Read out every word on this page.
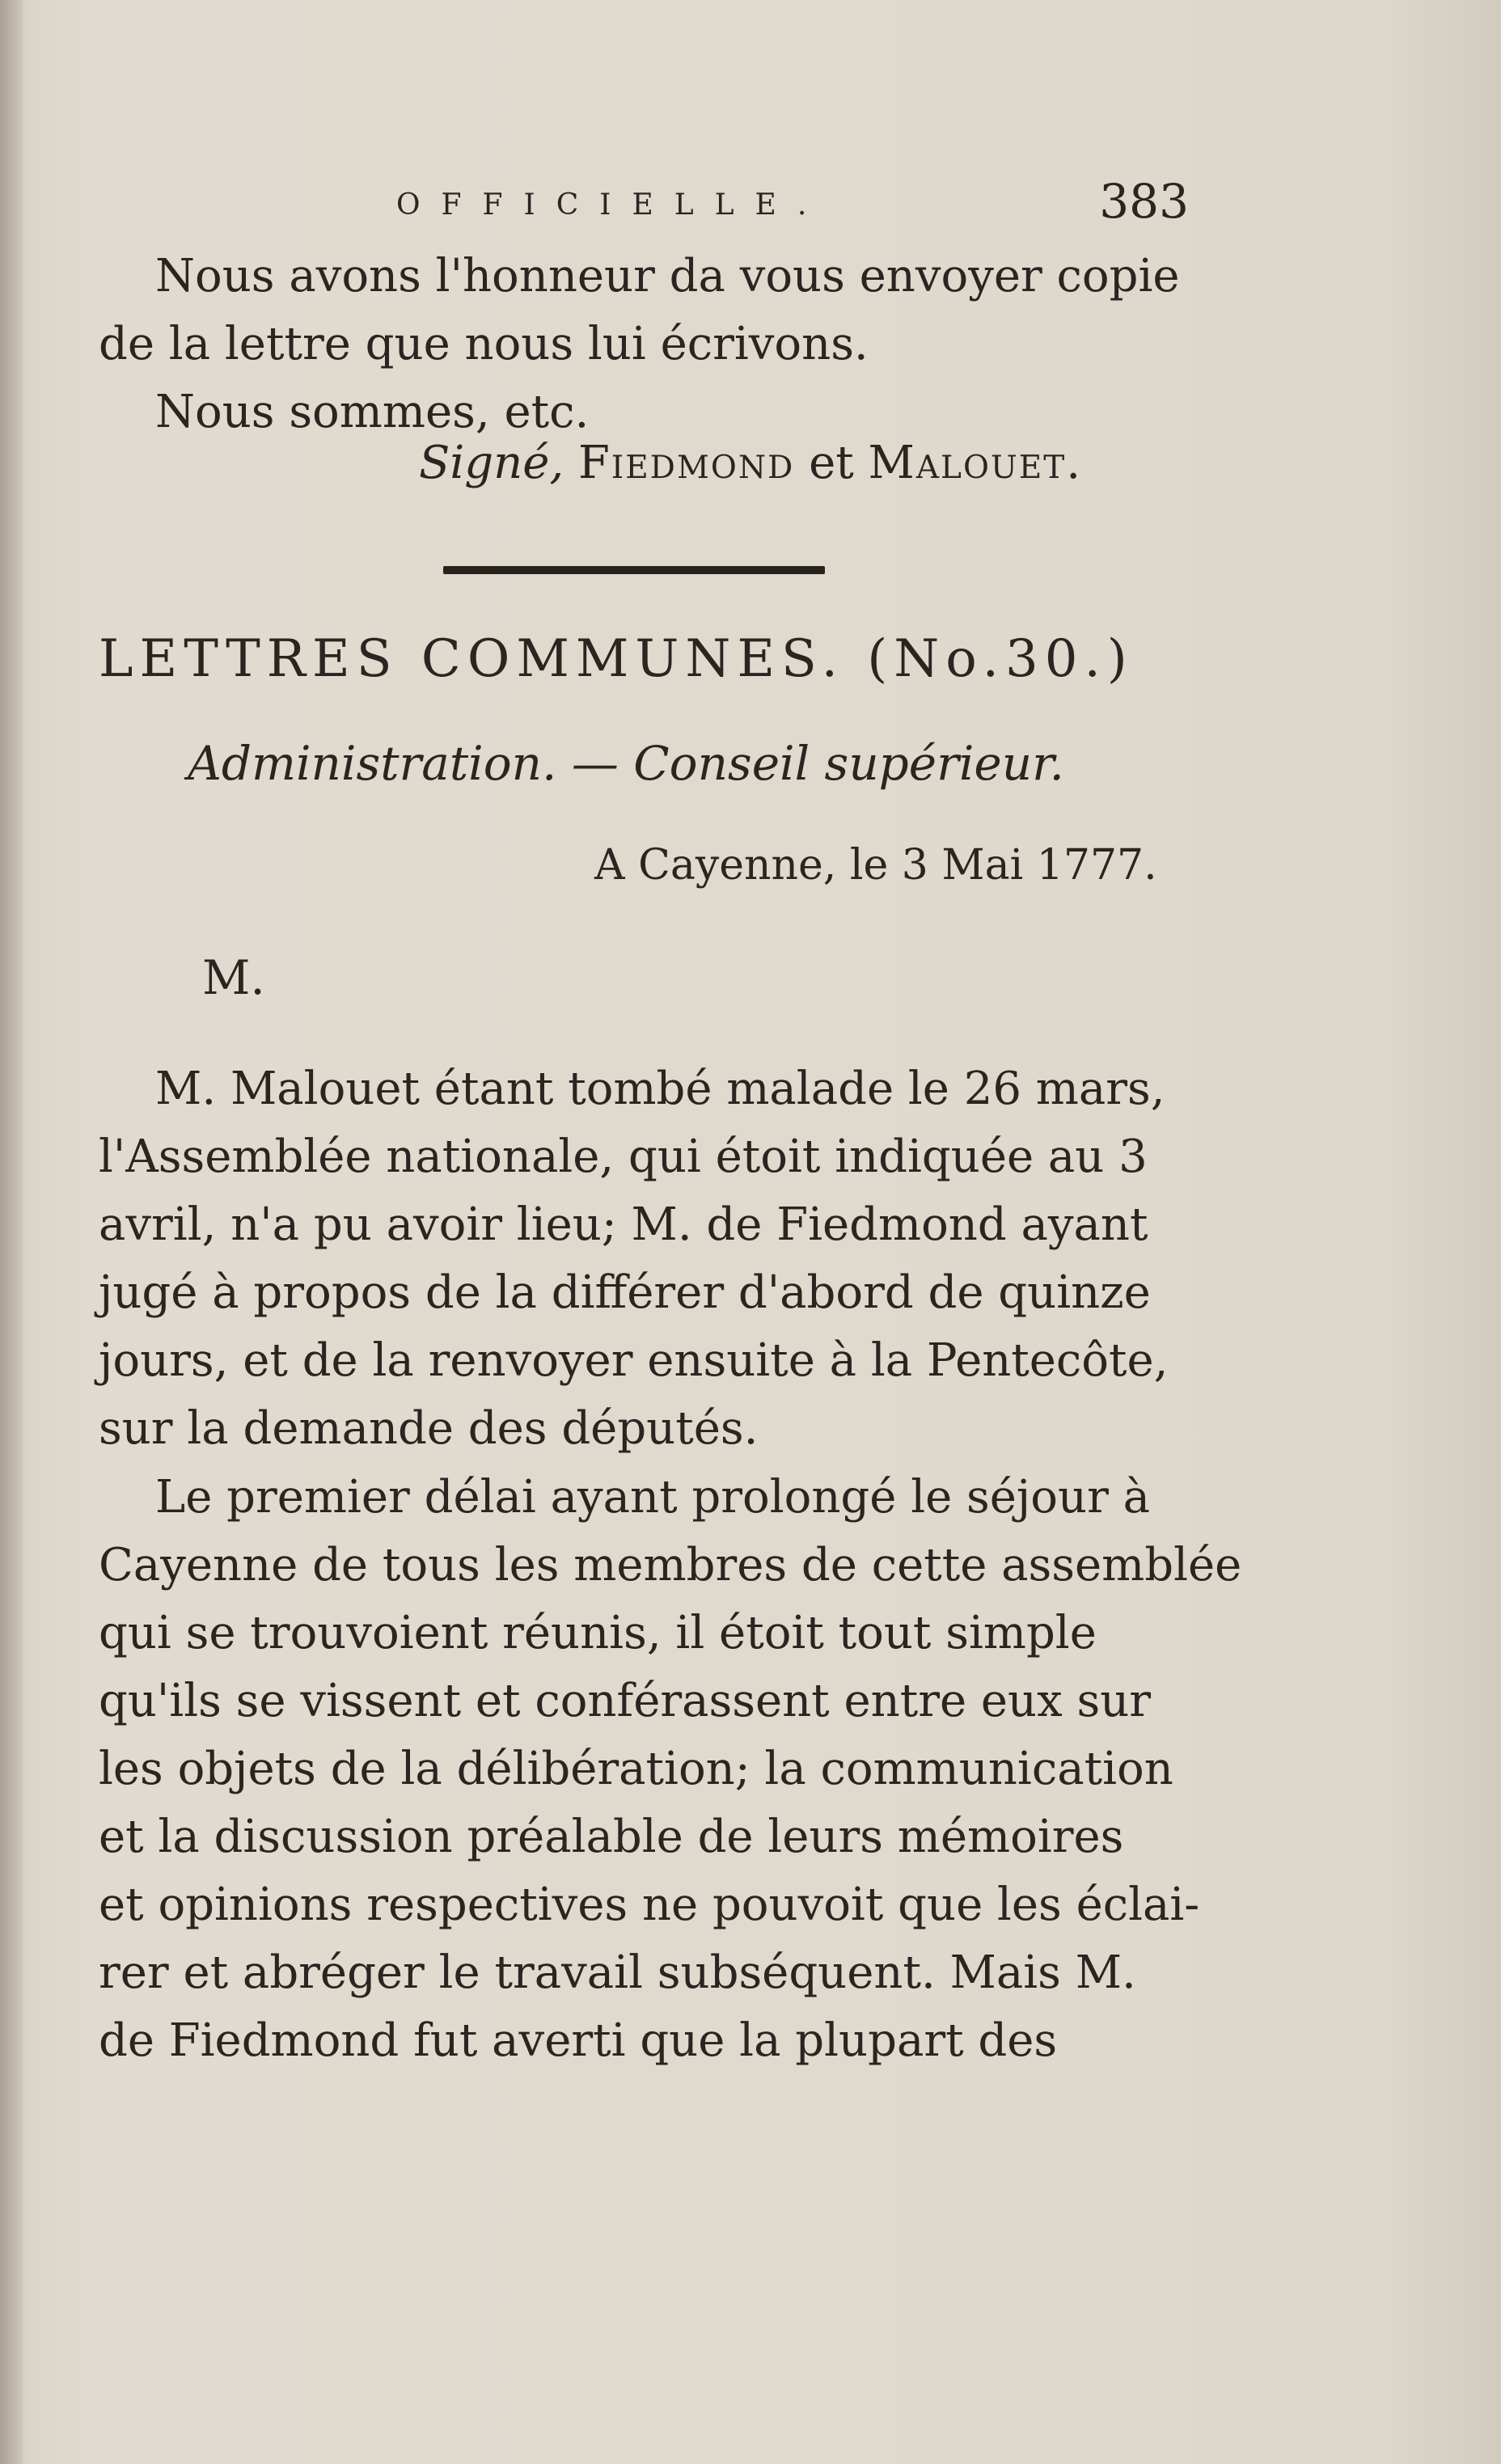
OFFICIELLE.	383
Nous avons l'honneur da vous envoyer copie
de la lettre que nous lui écrivons.
Nous sommes, etc.
Signé, Fiedmond et Malouet.
LETTRES COMMUNES. (No.30.)
Administration. — Conseil supérieur.
A Cayenne, le 3 Mai 1777.
M.
M. Malouet étant tombé malade le 26 mars,
l'Assemblée nationale, qui étoit indiquée au 3
avril, n'a pu avoir lieu; M. de Fiedmond ayant
jugé à propos de la différer d'abord de quinze
jours, et de la renvoyer ensuite à la Pentecôte,
sur la demande des députés.
Le premier délai ayant prolongé le séjour à
Cayenne de tous les membres de cette assemblée
qui se trouvoient réunis, il étoit tout simple
qu'ils se vissent et conférassent entre eux sur
les objets de la délibération; la communication
et la discussion préalable de leurs mémoires
et opinions respectives ne pouvoit que les éclai-
rer et abréger le travail subséquent. Mais M.
de Fiedmond fut averti que la plupart des
